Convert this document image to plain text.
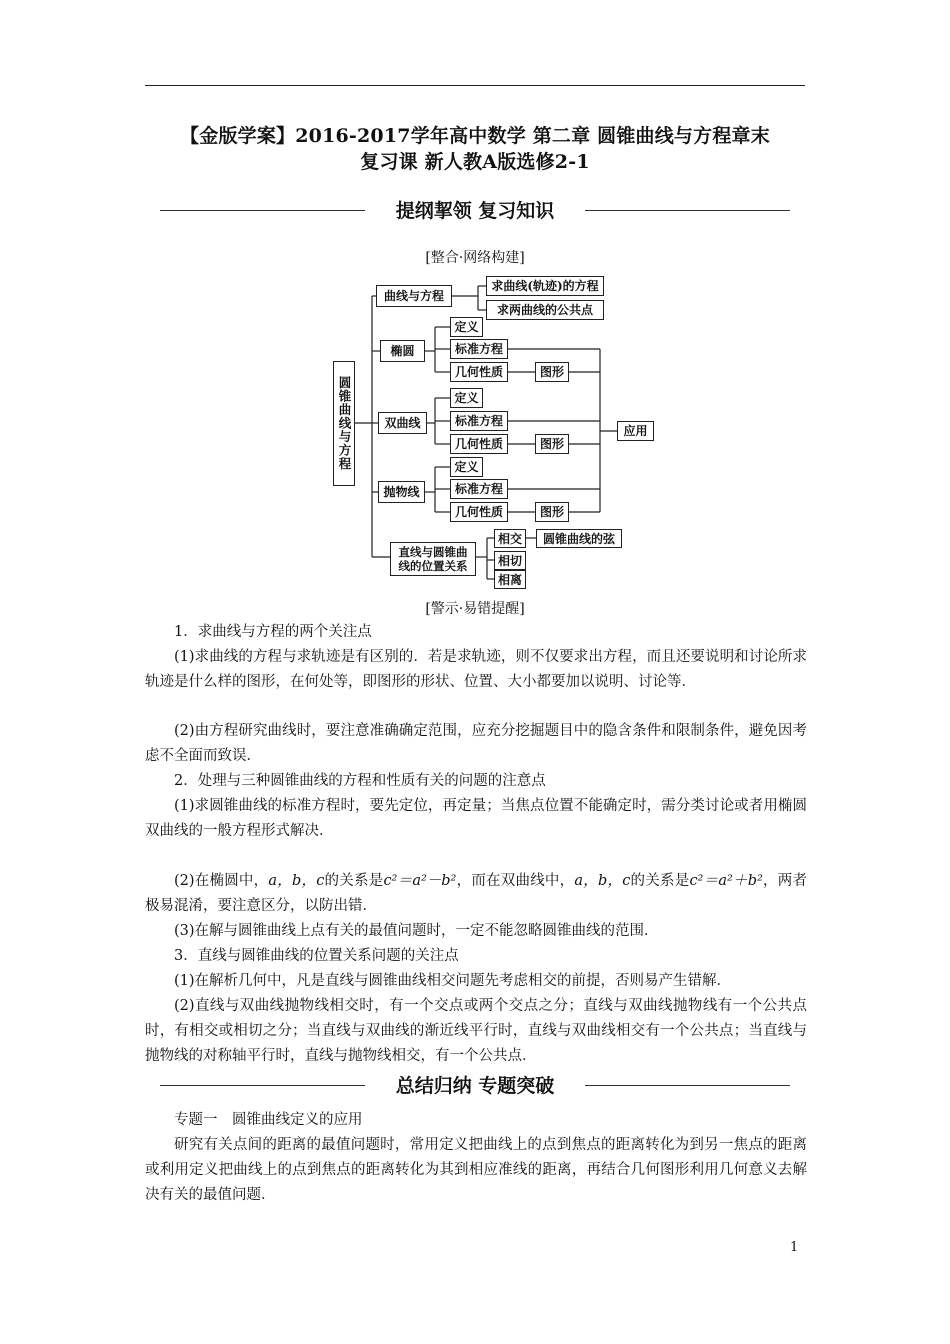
【金版学案】2016-2017学年高中数学 第二章 圆锥曲线与方程章末
复习课 新人教A版选修2-1
提纲挈领 复习知识
[整合·网络构建]
圆锥曲线与方程
曲线与方程
求曲线(轨迹)的方程
求两曲线的公共点
椭圆
定义
标准方程
几何性质	图形
双曲线
定义
标准方程
几何性质	图形
应用
抛物线
定义
标准方程
几何性质	图形
直线与圆锥曲线的位置关系
相交
相切
相离
圆锥曲线的弦
[警示·易错提醒]
1．求曲线与方程的两个关注点
(1)求曲线的方程与求轨迹是有区别的．若是求轨迹，则不仅要求出方程，而且还要说明和讨论所求轨迹是什么样的图形，在何处等，即图形的形状、位置、大小都要加以说明、讨论等．
(2)由方程研究曲线时，要注意准确确定范围，应充分挖掘题目中的隐含条件和限制条件，避免因考虑不全面而致误．
2．处理与三种圆锥曲线的方程和性质有关的问题的注意点
(1)求圆锥曲线的标准方程时，要先定位，再定量；当焦点位置不能确定时，需分类讨论或者用椭圆双曲线的一般方程形式解决．
(2)在椭圆中，a，b，c的关系是c²＝a²－b²，而在双曲线中，a，b，c的关系是c²＝a²＋b²，两者极易混淆，要注意区分，以防出错．
(3)在解与圆锥曲线上点有关的最值问题时，一定不能忽略圆锥曲线的范围．
3．直线与圆锥曲线的位置关系问题的关注点
(1)在解析几何中，凡是直线与圆锥曲线相交问题先考虑相交的前提，否则易产生错解．
(2)直线与双曲线抛物线相交时，有一个交点或两个交点之分；直线与双曲线抛物线有一个公共点时，有相交或相切之分；当直线与双曲线的渐近线平行时，直线与双曲线相交有一个公共点；当直线与抛物线的对称轴平行时，直线与抛物线相交，有一个公共点．
总结归纳 专题突破
专题一　圆锥曲线定义的应用
研究有关点间的距离的最值问题时，常用定义把曲线上的点到焦点的距离转化为到另一焦点的距离或利用定义把曲线上的点到焦点的距离转化为其到相应准线的距离，再结合几何图形利用几何意义去解决有关的最值问题．
1
